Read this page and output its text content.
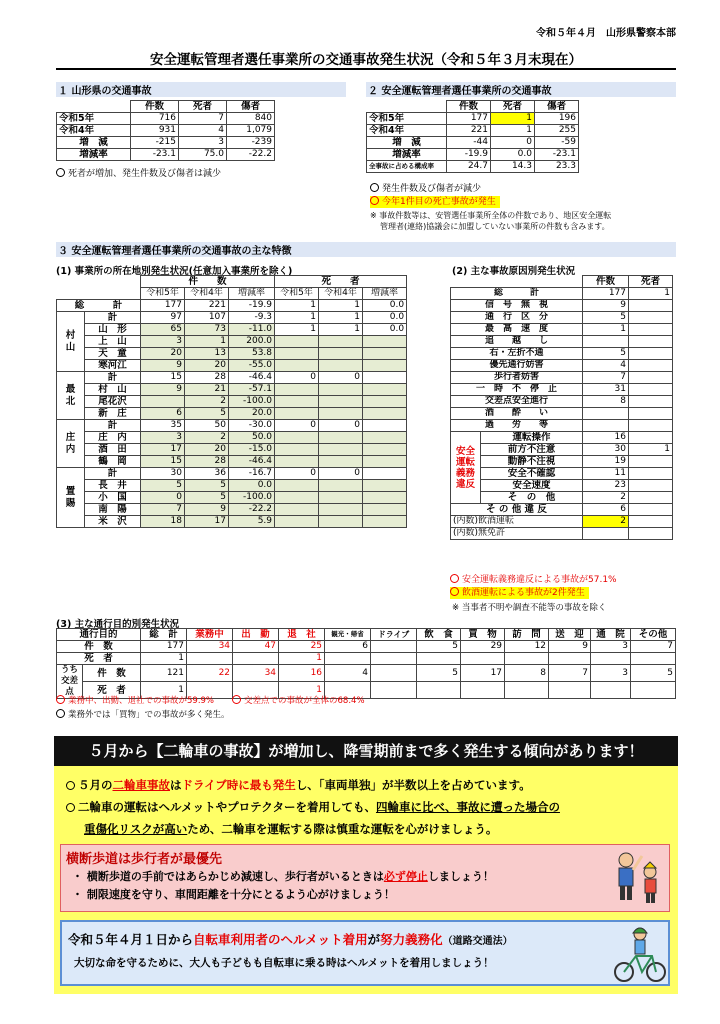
令和５年４月　山形県警察本部
安全運転管理者選任事業所の交通事故発生状況（令和５年３月末現在）
１ 山形県の交通事故
	件数	死者	傷者
令和5年	716	7	840
令和4年	931	4	1,079
増　減	-215	3	-239
増減率	-23.1	75.0	-22.2
死者が増加、発生件数及び傷者は減少
２ 安全運転管理者選任事業所の交通事故
	件数	死者	傷者
令和5年	177	1	196
令和4年	221	1	255
増　減	-44	0	-59
増減率	-19.9	0.0	-23.1
全事故に占める構成率	24.7	14.3	23.3
発生件数及び傷者が減少
今年1件目の死亡事故が発生
※ 事故件数等は、安管選任事業所全体の件数であり、地区安全運転
管理者(連絡)協議会に加盟していない事業所の件数も含みます。
３ 安全運転管理者選任事業所の交通事故の主な特徴
(1) 事業所の所在地別発生状況(任意加入事業所を除く)
		件　　数			死　　者		
		令和5年	令和4年	増減率	令和5年	令和4年	増減率
総　　　計		177	221	-19.9	1	1	0.0

村
山	計	97	107	-9.3	1	1	0.0
	山　形	65	73	-11.0	1	1	0.0
	上　山	3	1	200.0			
	天　童	20	13	53.8			
	寒河江	9	20	-55.0			

最
北	計	15	28	-46.4	0	0	
	村　山	9	21	-57.1			
	尾花沢		2	-100.0			
	新　庄	6	5	20.0			

庄
内	計	35	50	-30.0	0	0	
	庄　内	3	2	50.0			
	酒　田	17	20	-15.0			
	鶴　岡	15	28	-46.4			

置
賜	計	30	36	-16.7	0	0	
	長　井	5	5	0.0			
	小　国	0	5	-100.0			
	南　陽	7	9	-22.2			
	米　沢	18	17	5.9			
(2) 主な事故原因別発生状況
		件数	死者
総　　　計		177	1
信　号　無　視		9	
通　行　区　分		5	
最　高　速　度		1	
追　　越　　し			
右・左折不通		5	
優先通行妨害		4	
歩行者妨害		7	
一　時　不　停　止		31	
交差点安全進行		8	
酒　　酔　　い			
過　　労　　等			

安全
運転
義務
違反	運転操作	16	
	前方不注意	30	1
	動静不注視	19	
	安全不確認	11	
	安全速度	23	
	そ　の　他	2	
そ の 他 違 反		6	
(内数)飲酒運転		2	
(内数)無免許			
安全運転義務違反による事故が57.1%
飲酒運転による事故が2件発生
※ 当事者不明や調査不能等の事故を除く
(3) 主な通行目的別発生状況
通行目的		総　計	業務中	出　勤	退　社	観光・帰省	ドライブ	飲　食	買　物	訪　問	送　迎	通　院	その他
件　数		177	34	47	25	6		5	29	12	9	3	7
死　者		1			1								

うち
交差点	件　数	121	22	34	16	4		5	17	8	7	3	5
	死　者	1			1								
業務中、出勤、退社での事故が59.9%	交差点での事故が全体の68.4%
業務外では「買物」での事故が多く発生。
５月から【二輪車の事故】が増加し、降雪期前まで多く発生する傾向があります！
５月の二輪車事故はドライブ時に最も発生し、「車両単独」が半数以上を占めています。
二輪車の運転はヘルメットやプロテクターを着用しても、四輪車に比べ、事故に遭った場合の
重傷化リスクが高いため、二輪車を運転する際は慎重な運転を心がけましょう。
横断歩道は歩行者が最優先
・ 横断歩道の手前ではあらかじめ減速し、歩行者がいるときは必ず停止しましょう！
・ 制限速度を守り、車間距離を十分にとるよう心がけましょう！
令和５年４月１日から自転車利用者のヘルメット着用が努力義務化（道路交通法）
大切な命を守るために、大人も子どもも自転車に乗る時はヘルメットを着用しましょう！
